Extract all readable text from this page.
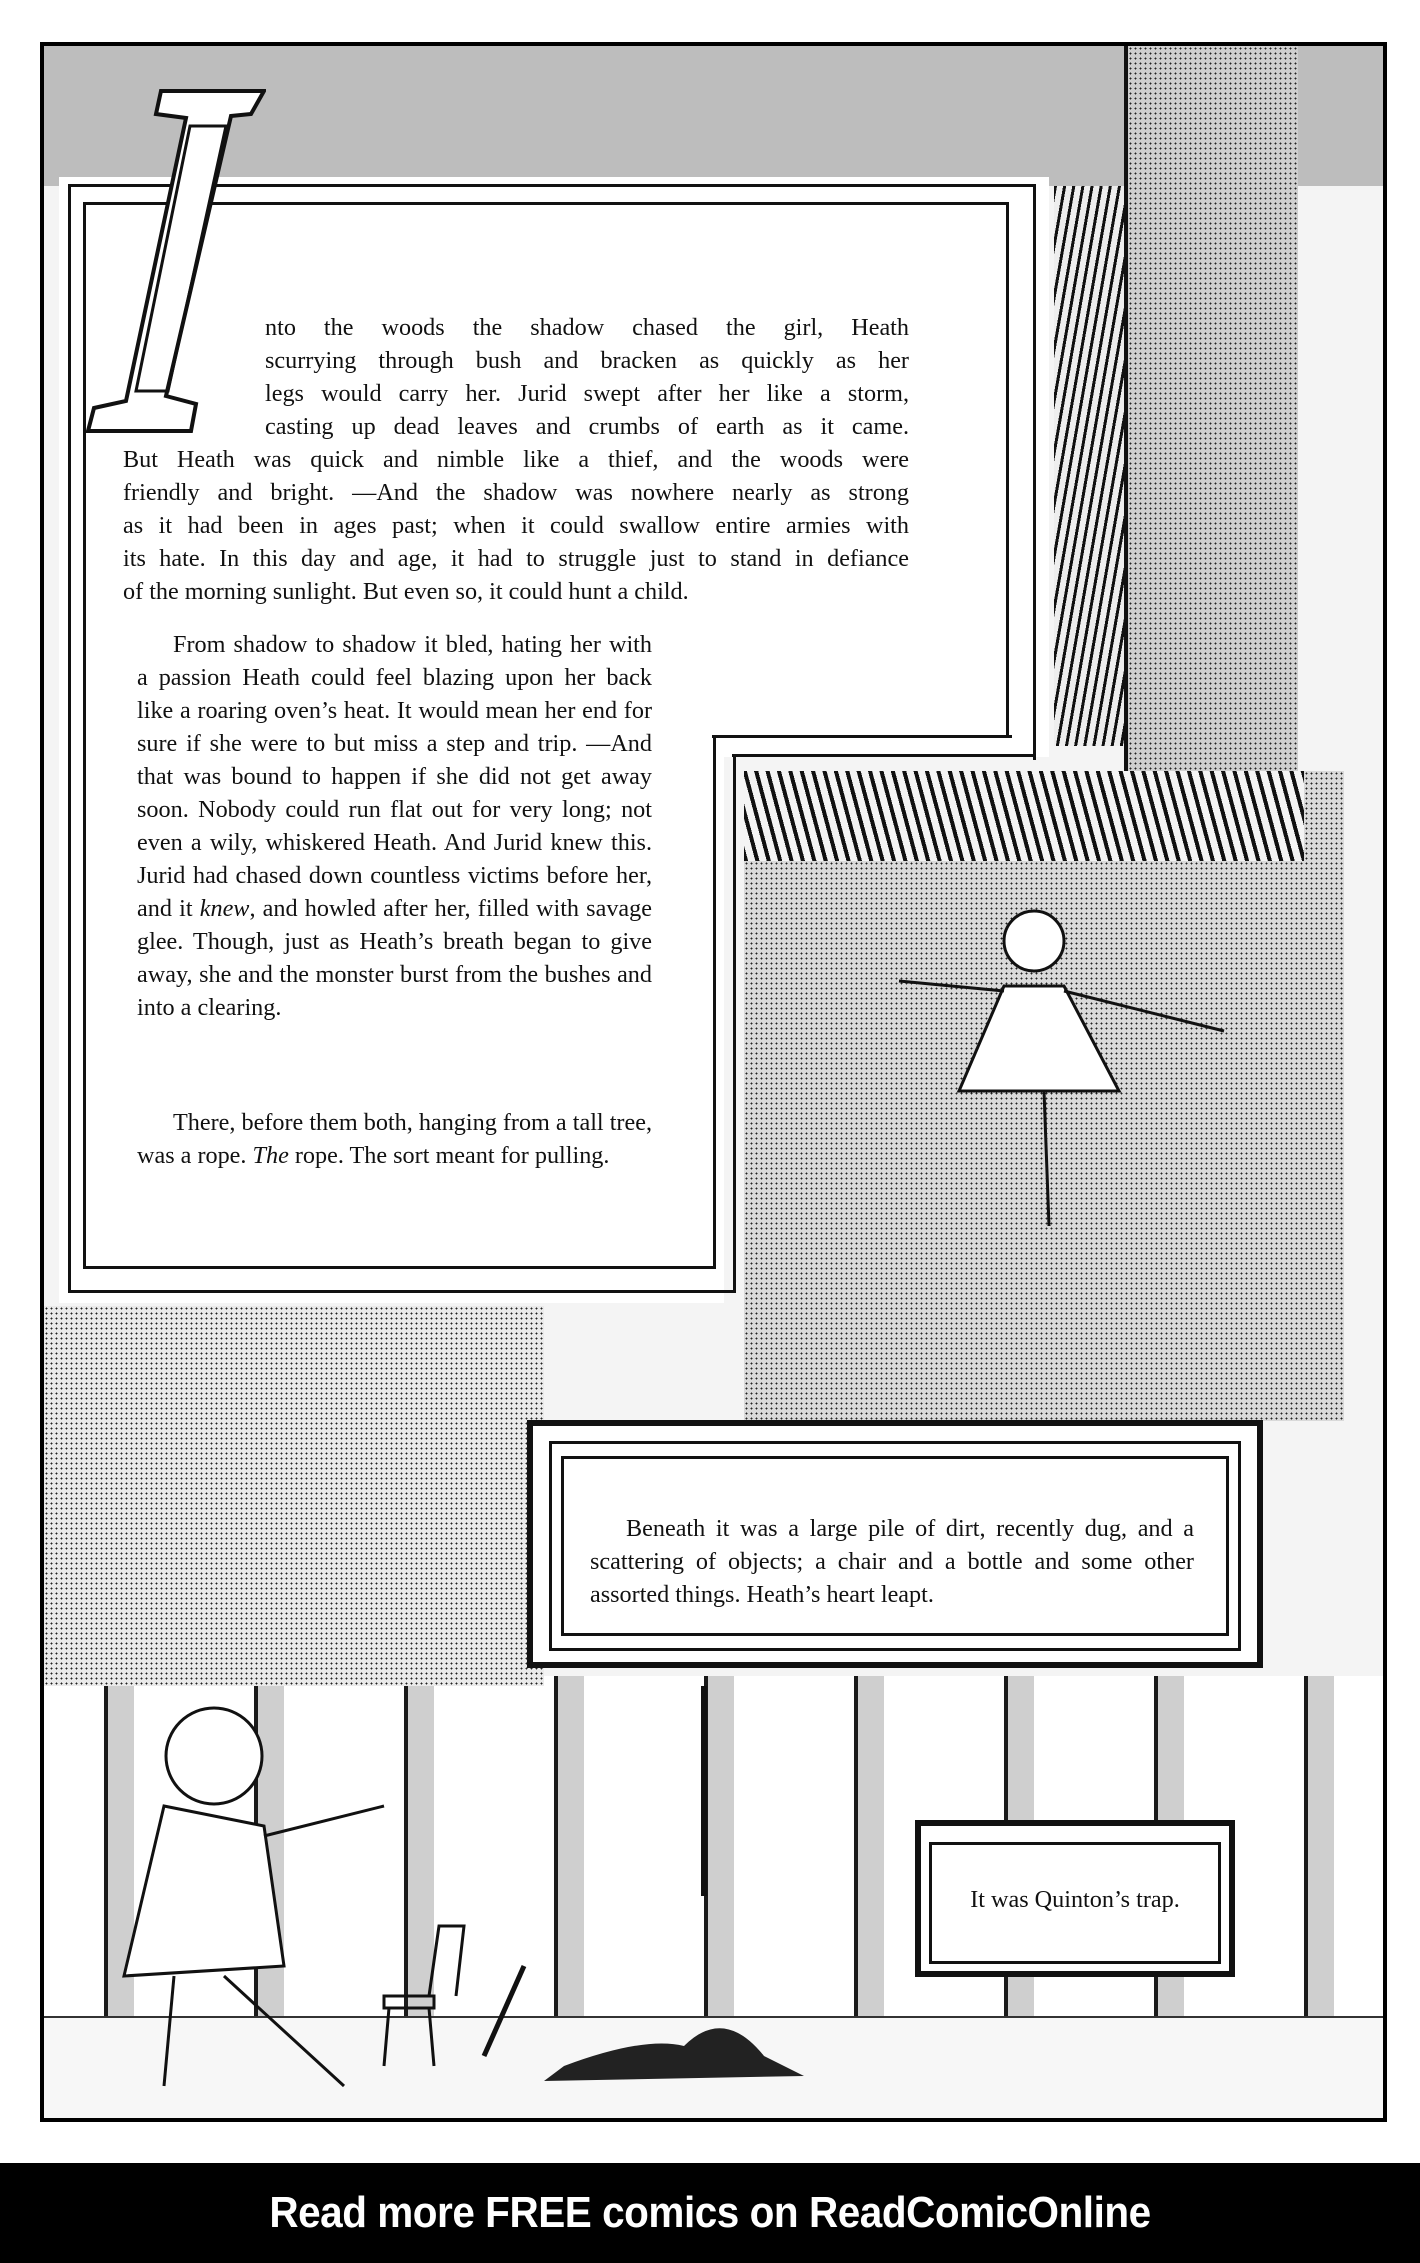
nto the woods the shadow chased the girl, Heath
scurrying through bush and bracken as quickly as her
legs would carry her. Jurid swept after her like a storm,
casting up dead leaves and crumbs of earth as it came.
But Heath was quick and nimble like a thief, and the woods were
friendly and bright. —And the shadow was nowhere nearly as strong
as it had been in ages past; when it could swallow entire armies with
its hate. In this day and age, it had to struggle just to stand in defiance
of the morning sunlight. But even so, it could hunt a child.

From shadow to shadow it bled, hating her with a passion Heath could feel blazing upon her back like a roaring oven’s heat. It would mean her end for sure if she were to but miss a step and trip. —And that was bound to happen if she did not get away soon. Nobody could run flat out for very long; not even a wily, whiskered Heath. And Jurid knew this. Jurid had chased down countless victims before her, and it knew, and howled after her, filled with savage glee. Though, just as Heath’s breath began to give away, she and the monster burst from the bushes and into a clearing.

There, before them both, hanging from a tall tree, was a rope. The rope. The sort meant for pulling.

Beneath it was a large pile of dirt, recently dug, and a scattering of objects; a chair and a bottle and some other assorted things. Heath’s heart leapt.

It was Quinton’s trap.
Read more FREE comics on ReadComicOnline
